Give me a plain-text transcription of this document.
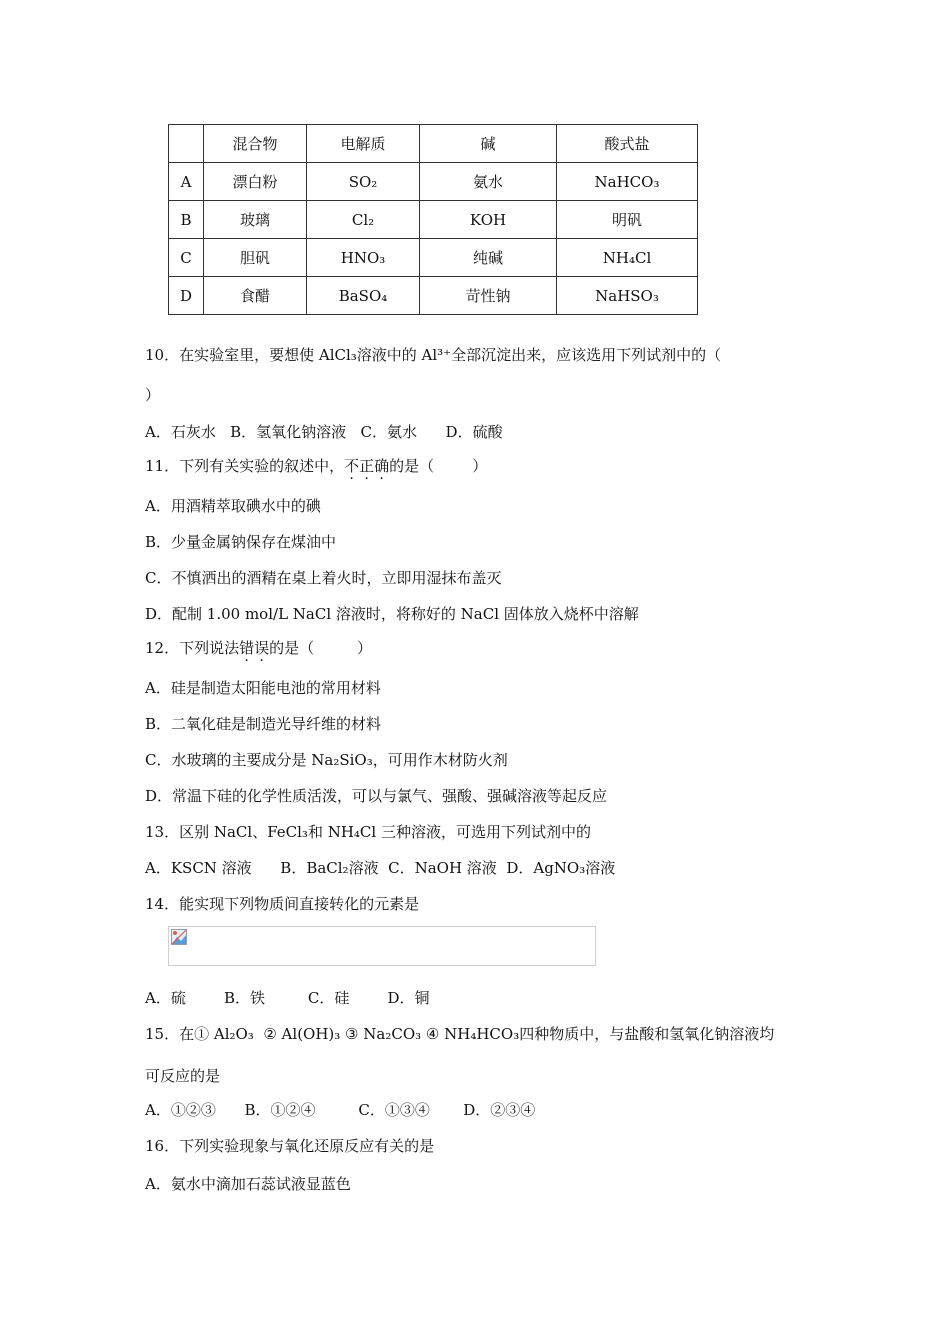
	混合物	电解质	碱	酸式盐
A	漂白粉	SO₂	氨水	NaHCO₃
B	玻璃	Cl₂	KOH	明矾
C	胆矾	HNO₃	纯碱	NH₄Cl
D	食醋	BaSO₄	苛性钠	NaHSO₃
10．在实验室里，要想使 AlCl₃溶液中的 Al³⁺全部沉淀出来，应该选用下列试剂中的（
）
A．石灰水   B．氢氧化钠溶液   C．氨水      D．硫酸
11．下列有关实验的叙述中，不正确的是（        ）
A．用酒精萃取碘水中的碘
B．少量金属钠保存在煤油中
C．不慎洒出的酒精在桌上着火时，立即用湿抹布盖灭
D．配制 1.00 mol/L NaCl 溶液时，将称好的 NaCl 固体放入烧杯中溶解
12．下列说法错误的是（         ）
A．硅是制造太阳能电池的常用材料
B．二氧化硅是制造光导纤维的材料
C．水玻璃的主要成分是 Na₂SiO₃，可用作木材防火剂
D．常温下硅的化学性质活泼，可以与氯气、强酸、强碱溶液等起反应
13．区别 NaCl、FeCl₃和 NH₄Cl 三种溶液，可选用下列试剂中的
A．KSCN 溶液      B．BaCl₂溶液  C．NaOH 溶液  D．AgNO₃溶液
14．能实现下列物质间直接转化的元素是
A．硫        B．铁         C．硅        D．铜
15．在① Al₂O₃  ② Al(OH)₃ ③ Na₂CO₃ ④ NH₄HCO₃四种物质中，与盐酸和氢氧化钠溶液均
可反应的是
A．①②③      B．①②④         C．①③④       D．②③④
16．下列实验现象与氧化还原反应有关的是
A．氨水中滴加石蕊试液显蓝色
